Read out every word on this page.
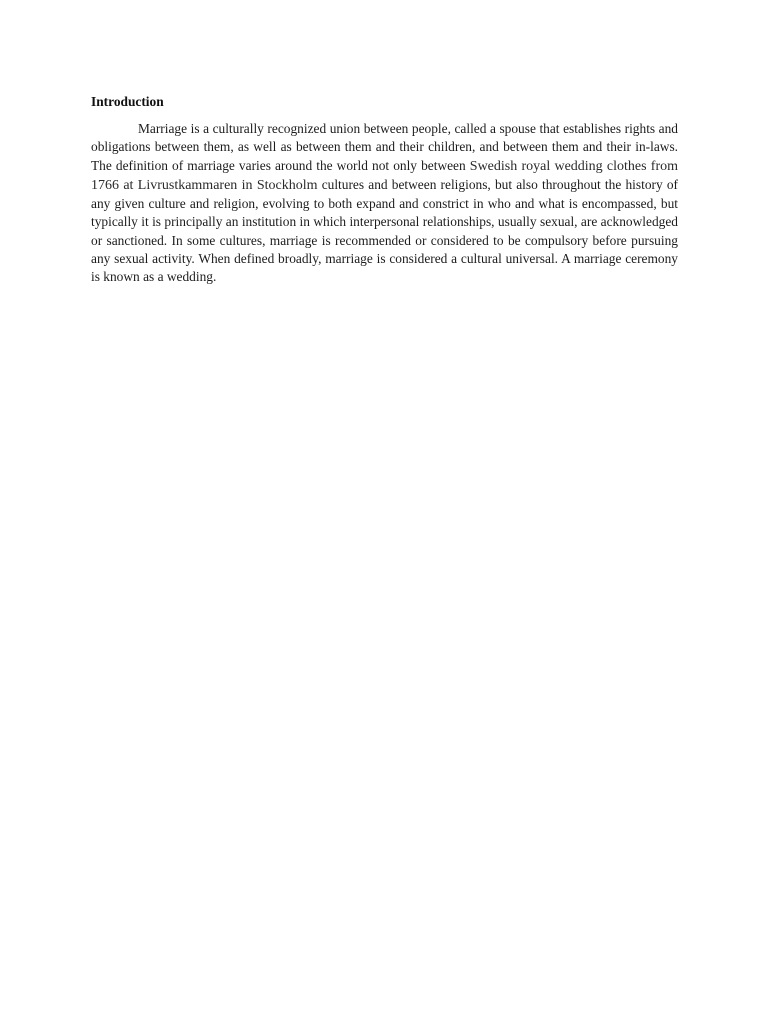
Introduction

Marriage is a culturally recognized union between people, called a spouse that establishes rights and obligations between them, as well as between them and their children, and between them and their in-laws. The definition of marriage varies around the world not only between Swedish royal wedding clothes from 1766 at Livrustkammaren in Stockholm cultures and between religions, but also throughout the history of any given culture and religion, evolving to both expand and constrict in who and what is encompassed, but typically it is principally an institution in which interpersonal relationships, usually sexual, are acknowledged or sanctioned. In some cultures, marriage is recommended or considered to be compulsory before pursuing any sexual activity. When defined broadly, marriage is considered a cultural universal. A marriage ceremony is known as a wedding.
